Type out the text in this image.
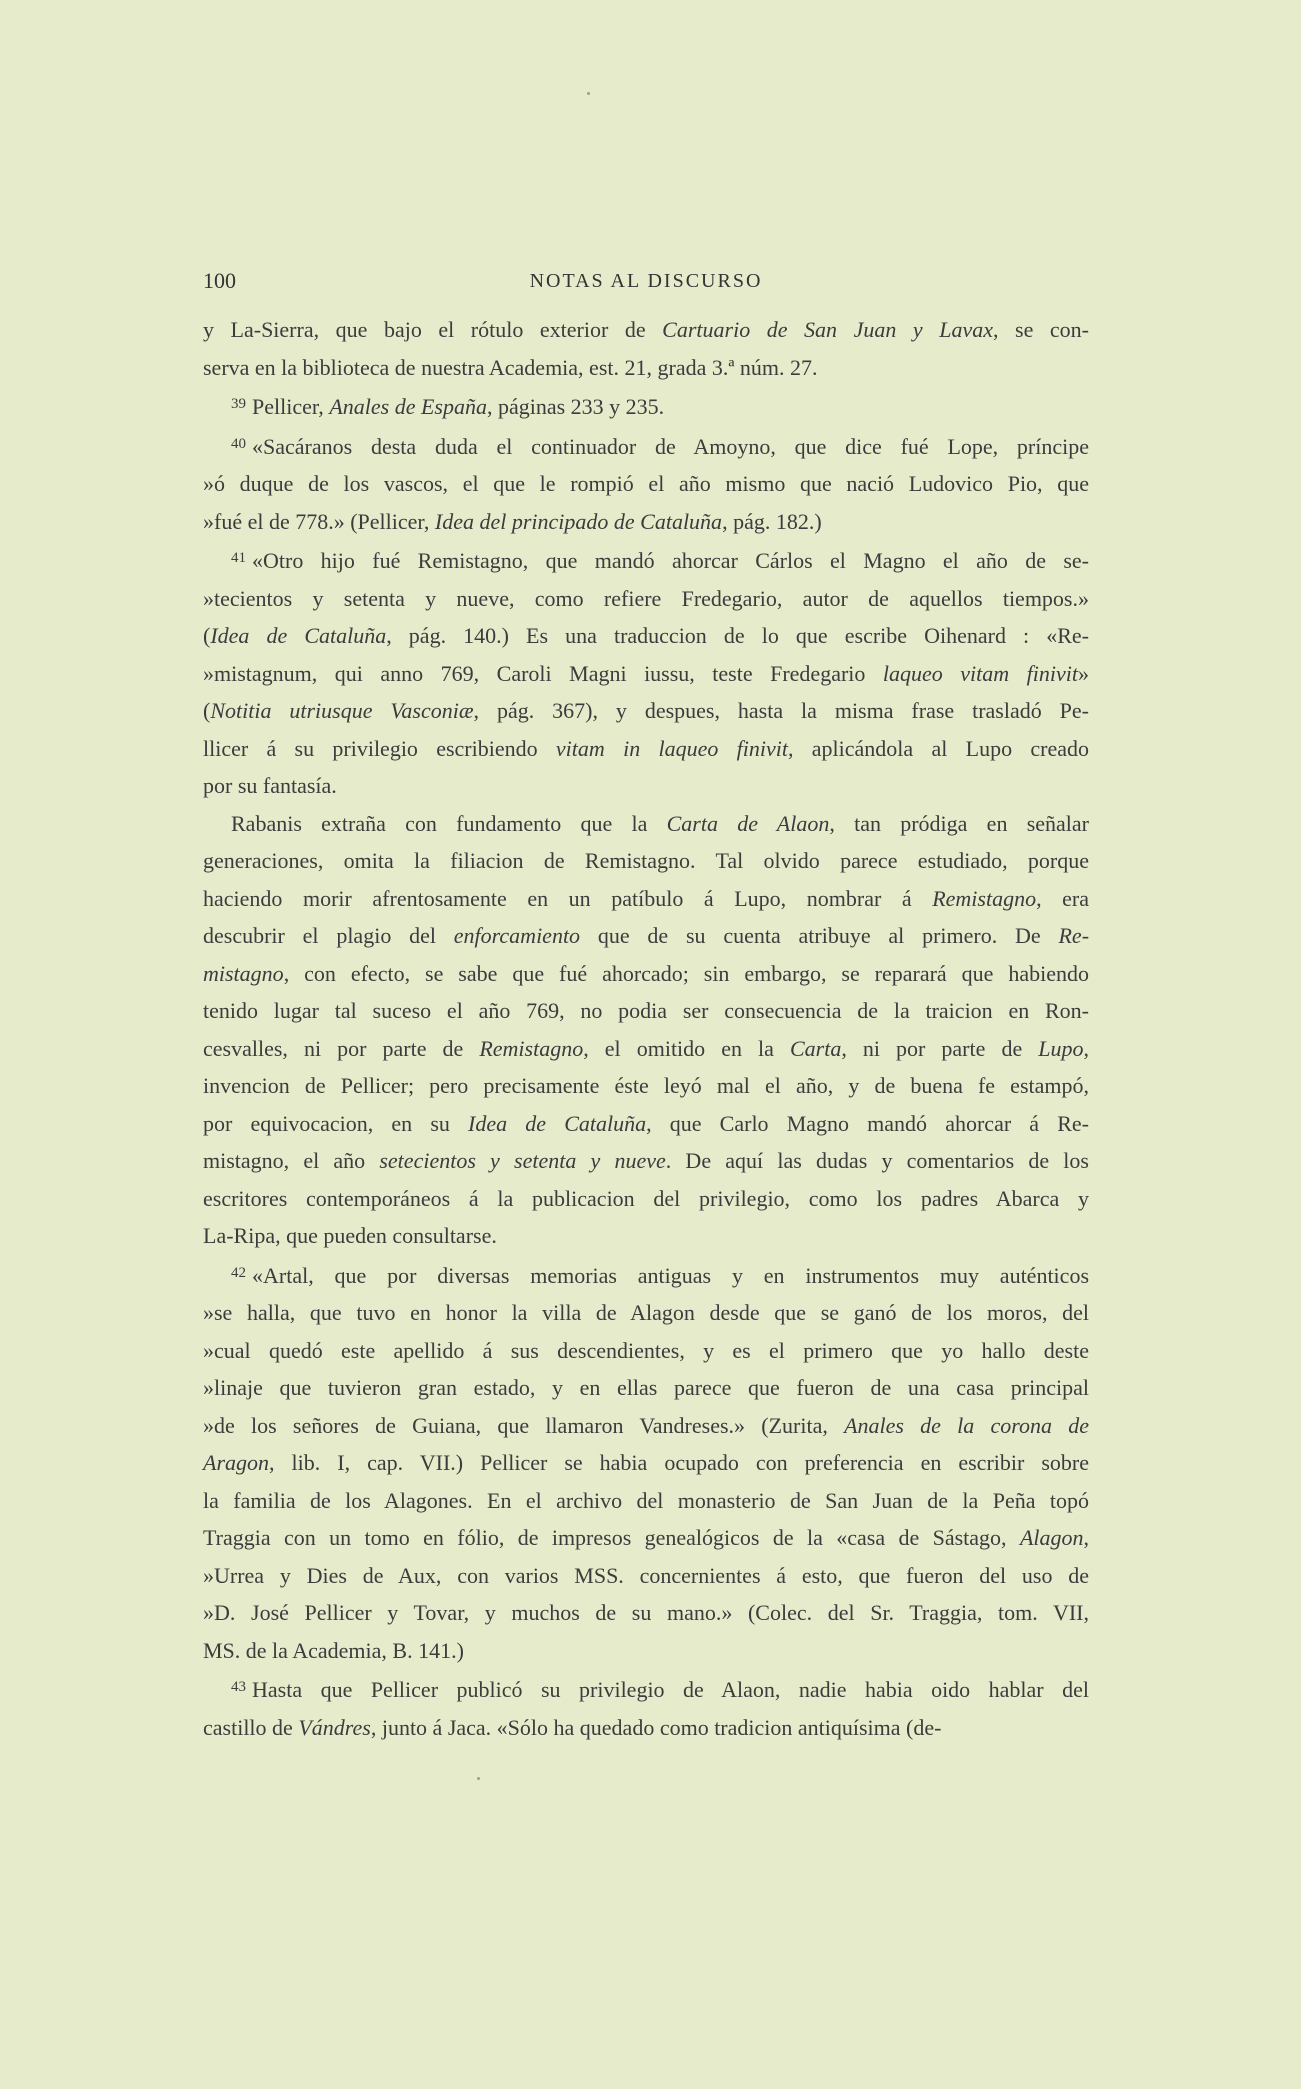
100	NOTAS AL DISCURSO

y La-Sierra, que bajo el rótulo exterior de Cartuario de San Juan y Lavax, se con-

serva en la biblioteca de nuestra Academia, est. 21, grada 3.ª núm. 27.

$^{39}$ Pellicer, Anales de España, páginas 233 y 235.

$^{40}$ «Sacáranos desta duda el continuador de Amoyno, que dice fué Lope, príncipe

»ó duque de los vascos, el que le rompió el año mismo que nació Ludovico Pio, que

»fué el de 778.» (Pellicer, Idea del principado de Cataluña, pág. 182.)

$^{41}$ «Otro hijo fué Remistagno, que mandó ahorcar Cárlos el Magno el año de se-

»tecientos y setenta y nueve, como refiere Fredegario, autor de aquellos tiempos.»

(Idea de Cataluña, pág. 140.) Es una traduccion de lo que escribe Oihenard : «Re-

»mistagnum, qui anno 769, Caroli Magni iussu, teste Fredegario laqueo vitam finivit»

(Notitia utriusque Vasconiæ, pág. 367), y despues, hasta la misma frase trasladó Pe-

llicer á su privilegio escribiendo vitam in laqueo finivit, aplicándola al Lupo creado

por su fantasía.

Rabanis extraña con fundamento que la Carta de Alaon, tan pródiga en señalar

generaciones, omita la filiacion de Remistagno. Tal olvido parece estudiado, porque

haciendo morir afrentosamente en un patíbulo á Lupo, nombrar á Remistagno, era

descubrir el plagio del enforcamiento que de su cuenta atribuye al primero. De Re-

mistagno, con efecto, se sabe que fué ahorcado; sin embargo, se reparará que habiendo

tenido lugar tal suceso el año 769, no podia ser consecuencia de la traicion en Ron-

cesvalles, ni por parte de Remistagno, el omitido en la Carta, ni por parte de Lupo,

invencion de Pellicer; pero precisamente éste leyó mal el año, y de buena fe estampó,

por equivocacion, en su Idea de Cataluña, que Carlo Magno mandó ahorcar á Re-

mistagno, el año setecientos y setenta y nueve. De aquí las dudas y comentarios de los

escritores contemporáneos á la publicacion del privilegio, como los padres Abarca y

La-Ripa, que pueden consultarse.

$^{42}$ «Artal, que por diversas memorias antiguas y en instrumentos muy auténticos

»se halla, que tuvo en honor la villa de Alagon desde que se ganó de los moros, del

»cual quedó este apellido á sus descendientes, y es el primero que yo hallo deste

»linaje que tuvieron gran estado, y en ellas parece que fueron de una casa principal

»de los señores de Guiana, que llamaron Vandreses.» (Zurita, Anales de la corona de

Aragon, lib. I, cap. VII.) Pellicer se habia ocupado con preferencia en escribir sobre

la familia de los Alagones. En el archivo del monasterio de San Juan de la Peña topó

Traggia con un tomo en fólio, de impresos genealógicos de la «casa de Sástago, Alagon,

»Urrea y Dies de Aux, con varios MSS. concernientes á esto, que fueron del uso de

»D. José Pellicer y Tovar, y muchos de su mano.» (Colec. del Sr. Traggia, tom. VII,

MS. de la Academia, B. 141.)

$^{43}$ Hasta que Pellicer publicó su privilegio de Alaon, nadie habia oido hablar del

castillo de Vándres, junto á Jaca. «Sólo ha quedado como tradicion antiquísima (de-
